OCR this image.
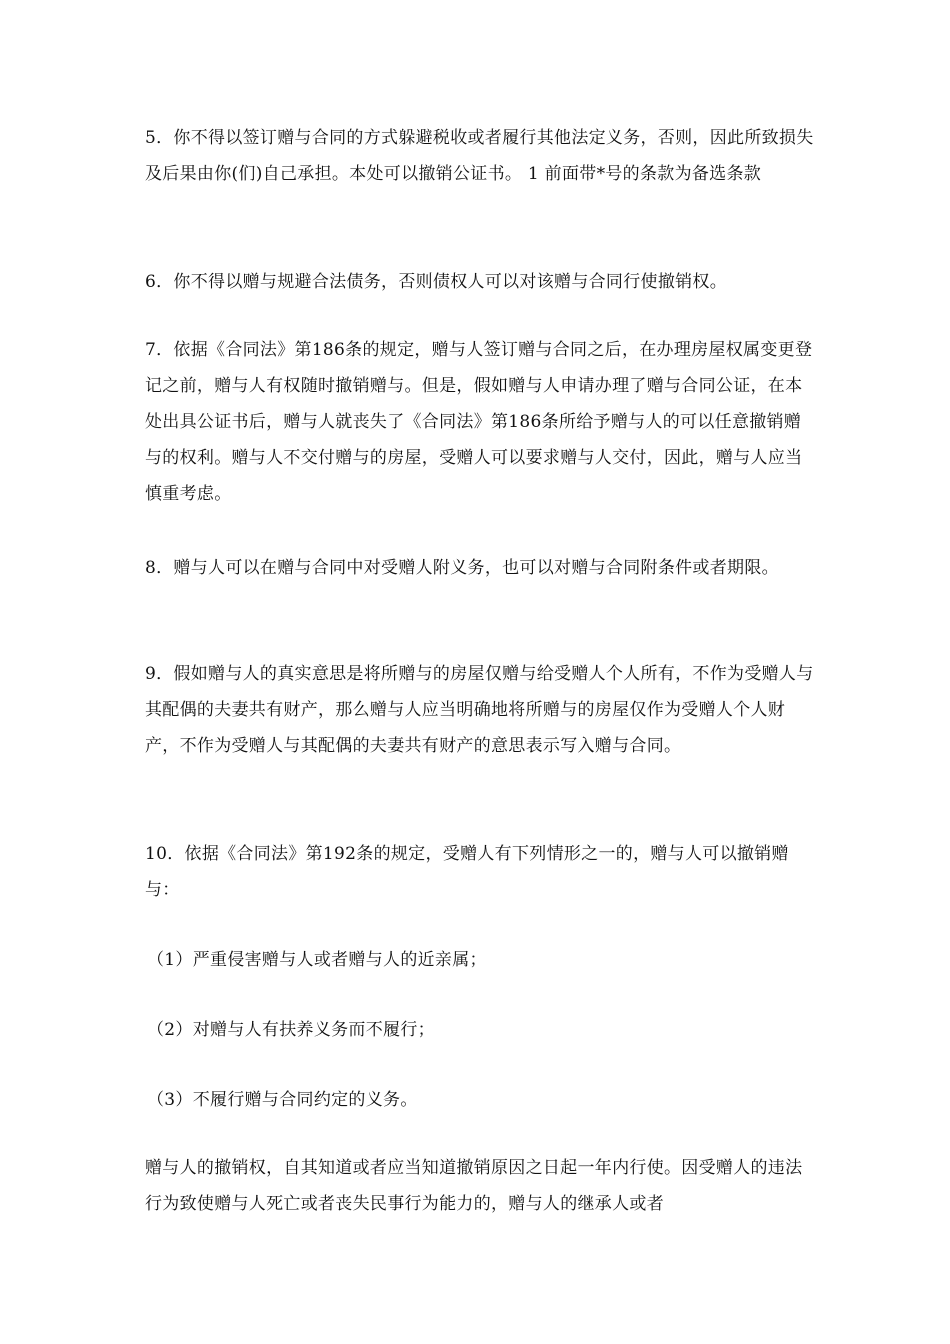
5．你不得以签订赠与合同的方式躲避税收或者履行其他法定义务，否则，因此所致损失及后果由你(们)自己承担。本处可以撤销公证书。 1 前面带*号的条款为备选条款

6．你不得以赠与规避合法债务，否则债权人可以对该赠与合同行使撤销权。

7．依据《合同法》第186条的规定，赠与人签订赠与合同之后，在办理房屋权属变更登记之前，赠与人有权随时撤销赠与。但是，假如赠与人申请办理了赠与合同公证，在本处出具公证书后，赠与人就丧失了《合同法》第186条所给予赠与人的可以任意撤销赠与的权利。赠与人不交付赠与的房屋，受赠人可以要求赠与人交付，因此，赠与人应当慎重考虑。

8．赠与人可以在赠与合同中对受赠人附义务，也可以对赠与合同附条件或者期限。

9．假如赠与人的真实意思是将所赠与的房屋仅赠与给受赠人个人所有，不作为受赠人与其配偶的夫妻共有财产，那么赠与人应当明确地将所赠与的房屋仅作为受赠人个人财产，不作为受赠人与其配偶的夫妻共有财产的意思表示写入赠与合同。

10．依据《合同法》第192条的规定，受赠人有下列情形之一的，赠与人可以撤销赠与：

（1）严重侵害赠与人或者赠与人的近亲属；

（2）对赠与人有扶养义务而不履行；

（3）不履行赠与合同约定的义务。

赠与人的撤销权，自其知道或者应当知道撤销原因之日起一年内行使。因受赠人的违法行为致使赠与人死亡或者丧失民事行为能力的，赠与人的继承人或者
